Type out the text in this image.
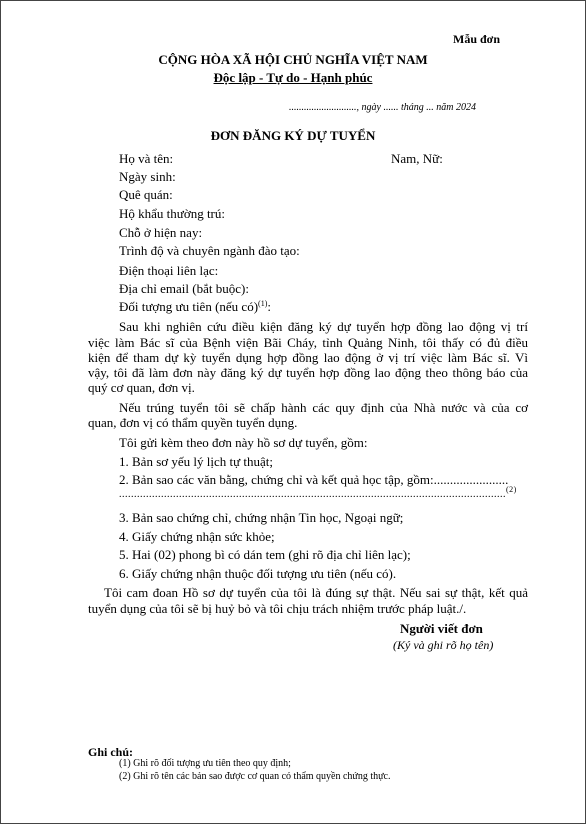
Mẫu đơn
CỘNG HÒA XÃ HỘI CHỦ NGHĨA VIỆT NAM
Độc lập - Tự do - Hạnh phúc
..........................., ngày ...... tháng ... năm 2024
ĐƠN ĐĂNG KÝ DỰ TUYỂN
Họ và tên:	Nam, Nữ:
Ngày sinh:
Quê quán:
Hộ khẩu thường trú:
Chỗ ở hiện nay:
Trình độ và chuyên ngành đào tạo:
Điện thoại liên lạc:
Địa chỉ email (bắt buộc):
Đối tượng ưu tiên (nếu có)$^{(1)}$:
Sau khi nghiên cứu điều kiện đăng ký dự tuyển hợp đồng lao động vị trí
việc làm Bác sĩ của Bệnh viện Bãi Cháy, tỉnh Quảng Ninh, tôi thấy có đủ điều
kiện để tham dự kỳ tuyển dụng hợp đồng lao động ở vị trí việc làm Bác sĩ. Vì
vậy, tôi đã làm đơn này đăng ký dự tuyển hợp đồng lao động theo thông báo của
quý cơ quan, đơn vị.
Nếu trúng tuyển tôi sẽ chấp hành các quy định của Nhà nước và của cơ
quan, đơn vị có thẩm quyền tuyển dụng.
Tôi gửi kèm theo đơn này hồ sơ dự tuyển, gồm:
1. Bản sơ yếu lý lịch tự thuật;
2. Bản sao các văn bằng, chứng chỉ và kết quả học tập, gồm:.......................
.................................................................................................................................$^{(2)}$
3. Bản sao chứng chỉ, chứng nhận Tin học, Ngoại ngữ;
4. Giấy chứng nhận sức khỏe;
5. Hai (02) phong bì có dán tem (ghi rõ địa chỉ liên lạc);
6. Giấy chứng nhận thuộc đối tượng ưu tiên (nếu có).
Tôi cam đoan Hồ sơ dự tuyển của tôi là đúng sự thật. Nếu sai sự thật, kết quả
tuyển dụng của tôi sẽ bị huỷ bỏ và tôi chịu trách nhiệm trước pháp luật./.
Người viết đơn
(Ký và ghi rõ họ tên)
Ghi chú:
(1) Ghi rõ đối tượng ưu tiên theo quy định;
(2) Ghi rõ tên các bản sao được cơ quan có thẩm quyền chứng thực.
